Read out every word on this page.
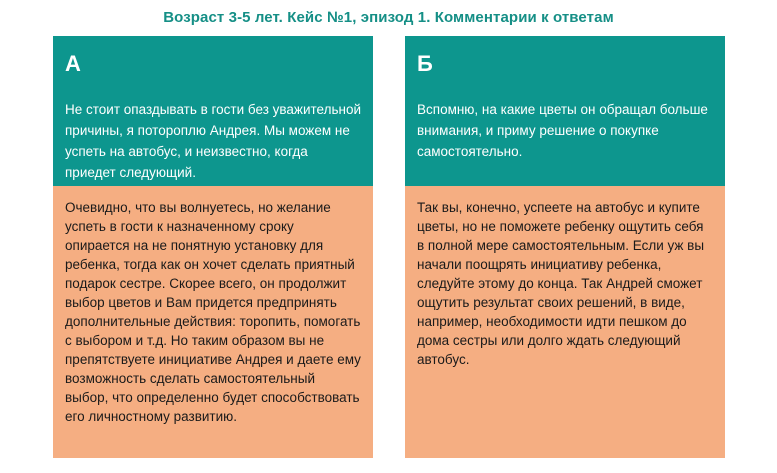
Возраст 3-5 лет. Кейс №1, эпизод 1. Комментарии к ответам
А
Не стоит опаздывать в гости без уважительной причины, я потороплю Андрея. Мы можем не успеть на автобус, и неизвестно, когда приедет следующий.
Очевидно, что вы волнуетесь, но желание успеть в гости к назначенному сроку опирается на не понятную установку для ребенка, тогда как он хочет сделать приятный подарок сестре. Скорее всего, он продолжит выбор цветов и Вам придется предпринять дополнительные действия: торопить, помогать с выбором и т.д. Но таким образом вы не препятствуете инициативе Андрея и даете ему возможность сделать самостоятельный выбор, что определенно будет способствовать его личностному развитию.
Б
Вспомню, на какие цветы он обращал больше внимания, и приму решение о покупке самостоятельно.
Так вы, конечно, успеете на автобус и купите цветы, но не поможете ребенку ощутить себя в полной мере самостоятельным. Если уж вы начали поощрять инициативу ребенка, следуйте этому до конца. Так Андрей сможет ощутить результат своих решений, в виде, например, необходимости идти пешком до дома сестры или долго ждать следующий автобус.
